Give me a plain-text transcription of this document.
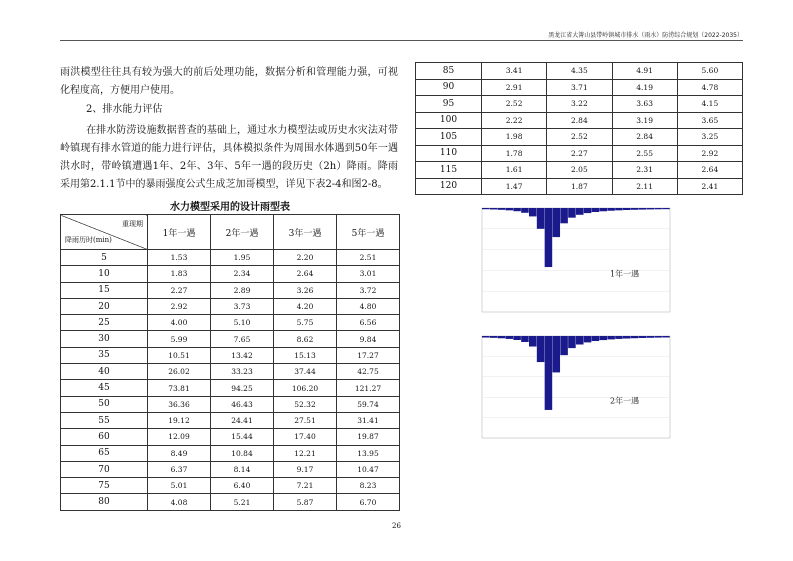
黑龙江省大箐山县带岭镇城市排水（雨水）防涝综合规划（2022-2035）
雨洪模型往往具有较为强大的前后处理功能，数据分析和管理能力强，可视化程度高，方便用户使用。
2、排水能力评估
在排水防涝设施数据普查的基础上，通过水力模型法或历史水灾法对带岭镇现有排水管道的能力进行评估，具体模拟条件为周围水体遇到50年一遇洪水时，带岭镇遭遇1年、2年、3年、5年一遇的段历史（2h）降雨。降雨采用第2.1.1节中的暴雨强度公式生成芝加哥模型，详见下表2-4和图2-8。
水力模型采用的设计雨型表
重现期
降雨历时(min)	1年一遇	2年一遇	3年一遇	5年一遇
5	1.53	1.95	2.20	2.51
10	1.83	2.34	2.64	3.01
15	2.27	2.89	3.26	3.72
20	2.92	3.73	4.20	4.80
25	4.00	5.10	5.75	6.56
30	5.99	7.65	8.62	9.84
35	10.51	13.42	15.13	17.27
40	26.02	33.23	37.44	42.75
45	73.81	94.25	106.20	121.27
50	36.36	46.43	52.32	59.74
55	19.12	24.41	27.51	31.41
60	12.09	15.44	17.40	19.87
65	8.49	10.84	12.21	13.95
70	6.37	8.14	9.17	10.47
75	5.01	6.40	7.21	8.23
80	4.08	5.21	5.87	6.70
85	3.41	4.35	4.91	5.60
90	2.91	3.71	4.19	4.78
95	2.52	3.22	3.63	4.15
100	2.22	2.84	3.19	3.65
105	1.98	2.52	2.84	3.25
110	1.78	2.27	2.55	2.92
115	1.61	2.05	2.31	2.64
120	1.47	1.87	2.11	2.41
1年一遇
2年一遇
26
